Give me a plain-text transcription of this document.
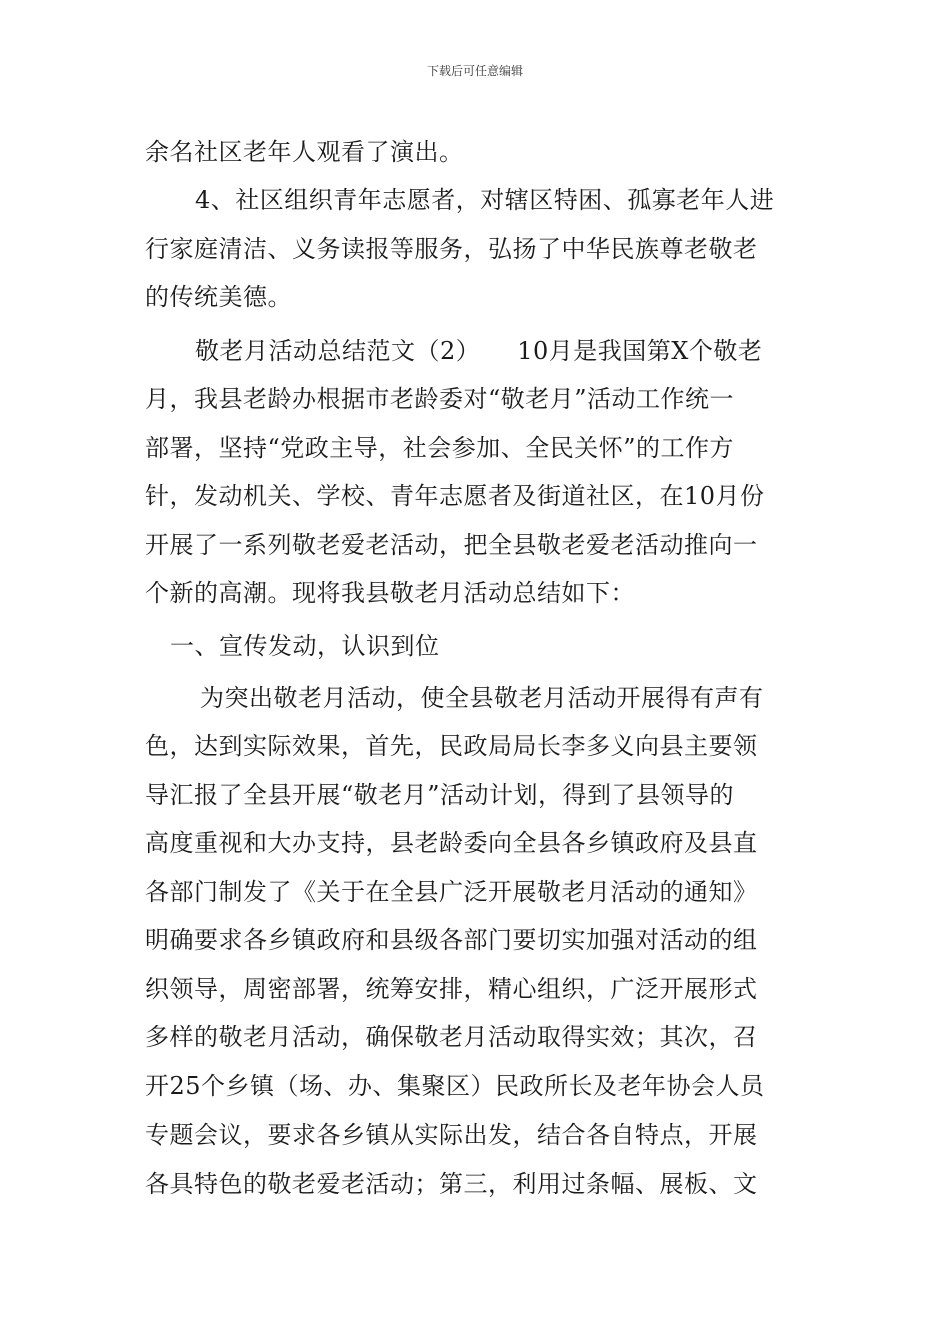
下载后可任意编辑
余名社区老年人观看了演出。
4、社区组织青年志愿者，对辖区特困、孤寡老年人进
行家庭清洁、义务读报等服务，弘扬了中华民族尊老敬老
的传统美德。
敬老月活动总结范文（2）　　10月是我国第X个敬老
月，我县老龄办根据市老龄委对“敬老月”活动工作统一
部署，坚持“党政主导，社会参加、全民关怀”的工作方
针，发动机关、学校、青年志愿者及街道社区，在10月份
开展了一系列敬老爱老活动，把全县敬老爱老活动推向一
个新的高潮。现将我县敬老月活动总结如下：
一、宣传发动，认识到位
为突出敬老月活动，使全县敬老月活动开展得有声有
色，达到实际效果，首先，民政局局长李多义向县主要领
导汇报了全县开展“敬老月”活动计划，得到了县领导的
高度重视和大办支持，县老龄委向全县各乡镇政府及县直
各部门制发了《关于在全县广泛开展敬老月活动的通知》
明确要求各乡镇政府和县级各部门要切实加强对活动的组
织领导，周密部署，统筹安排，精心组织，广泛开展形式
多样的敬老月活动，确保敬老月活动取得实效；其次，召
开25个乡镇（场、办、集聚区）民政所长及老年协会人员
专题会议，要求各乡镇从实际出发，结合各自特点，开展
各具特色的敬老爱老活动；第三，利用过条幅、展板、文
